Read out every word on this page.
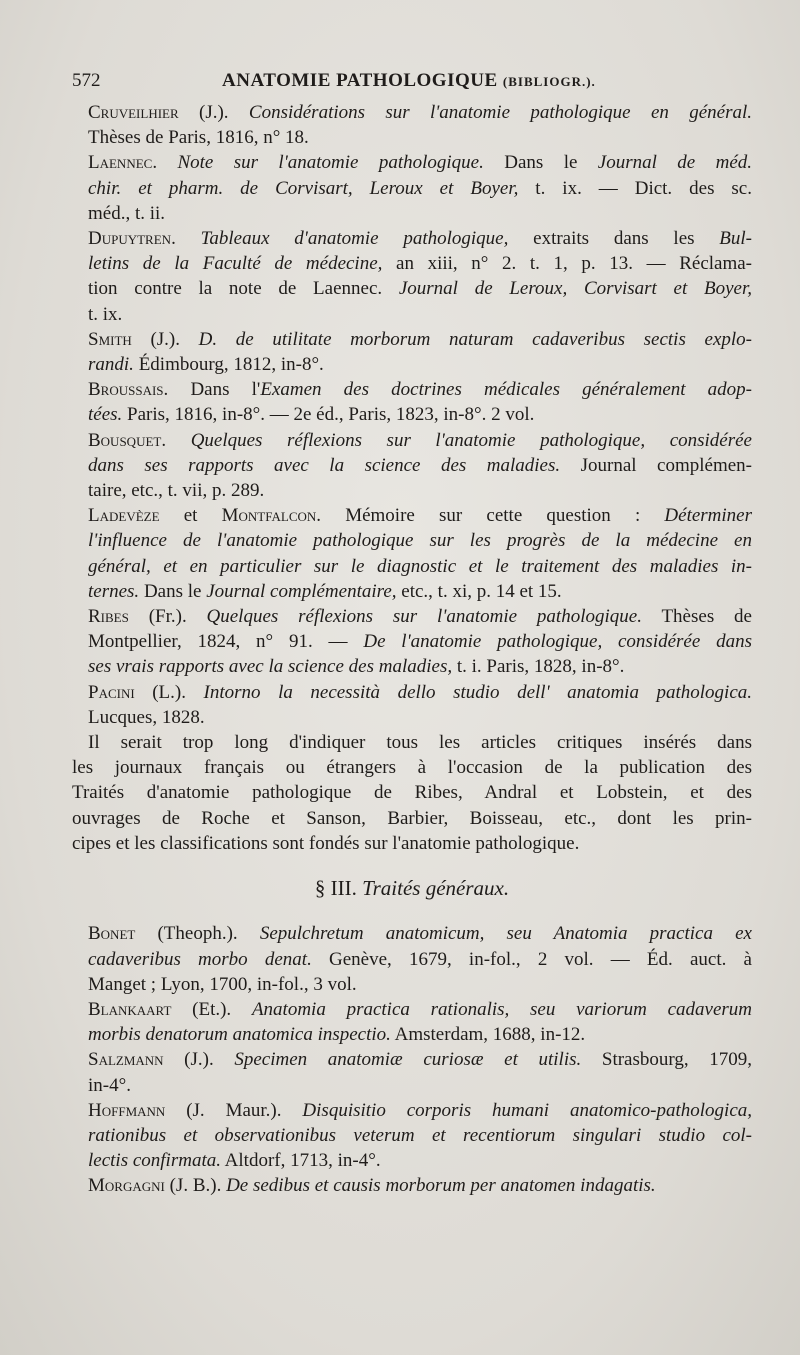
572	ANATOMIE PATHOLOGIQUE (BIBLIOGR.).
Cruveilhier (J.). Considérations sur l'anatomie pathologique en général.
Thèses de Paris, 1816, n° 18.
Laennec. Note sur l'anatomie pathologique. Dans le Journal de méd.
chir. et pharm. de Corvisart, Leroux et Boyer, t. ix. — Dict. des sc.
méd., t. ii.
Dupuytren. Tableaux d'anatomie pathologique, extraits dans les Bul-
letins de la Faculté de médecine, an xiii, n° 2. t. 1, p. 13. — Réclama-
tion contre la note de Laennec. Journal de Leroux, Corvisart et Boyer,
t. ix.
Smith (J.). D. de utilitate morborum naturam cadaveribus sectis explo-
randi. Édimbourg, 1812, in-8°.
Broussais. Dans l'Examen des doctrines médicales généralement adop-
tées. Paris, 1816, in-8°. — 2e éd., Paris, 1823, in-8°. 2 vol.
Bousquet. Quelques réflexions sur l'anatomie pathologique, considérée
dans ses rapports avec la science des maladies. Journal complémen-
taire, etc., t. vii, p. 289.
Ladevèze et Montfalcon. Mémoire sur cette question : Déterminer
l'influence de l'anatomie pathologique sur les progrès de la médecine en
général, et en particulier sur le diagnostic et le traitement des maladies in-
ternes. Dans le Journal complémentaire, etc., t. xi, p. 14 et 15.
Ribes (Fr.). Quelques réflexions sur l'anatomie pathologique. Thèses de
Montpellier, 1824, n° 91. — De l'anatomie pathologique, considérée dans
ses vrais rapports avec la science des maladies, t. i. Paris, 1828, in-8°.
Pacini (L.). Intorno la necessità dello studio dell' anatomia pathologica.
Lucques, 1828.
Il serait trop long d'indiquer tous les articles critiques insérés dans
les journaux français ou étrangers à l'occasion de la publication des
Traités d'anatomie pathologique de Ribes, Andral et Lobstein, et des
ouvrages de Roche et Sanson, Barbier, Boisseau, etc., dont les prin-
cipes et les classifications sont fondés sur l'anatomie pathologique.
§ III. Traités généraux.
Bonet (Theoph.). Sepulchretum anatomicum, seu Anatomia practica ex
cadaveribus morbo denat. Genève, 1679, in-fol., 2 vol. — Éd. auct. à
Manget ; Lyon, 1700, in-fol., 3 vol.
Blankaart (Et.). Anatomia practica rationalis, seu variorum cadaverum
morbis denatorum anatomica inspectio. Amsterdam, 1688, in-12.
Salzmann (J.). Specimen anatomiæ curiosæ et utilis. Strasbourg, 1709,
in-4°.
Hoffmann (J. Maur.). Disquisitio corporis humani anatomico-pathologica,
rationibus et observationibus veterum et recentiorum singulari studio col-
lectis confirmata. Altdorf, 1713, in-4°.
Morgagni (J. B.). De sedibus et causis morborum per anatomen indagatis.
